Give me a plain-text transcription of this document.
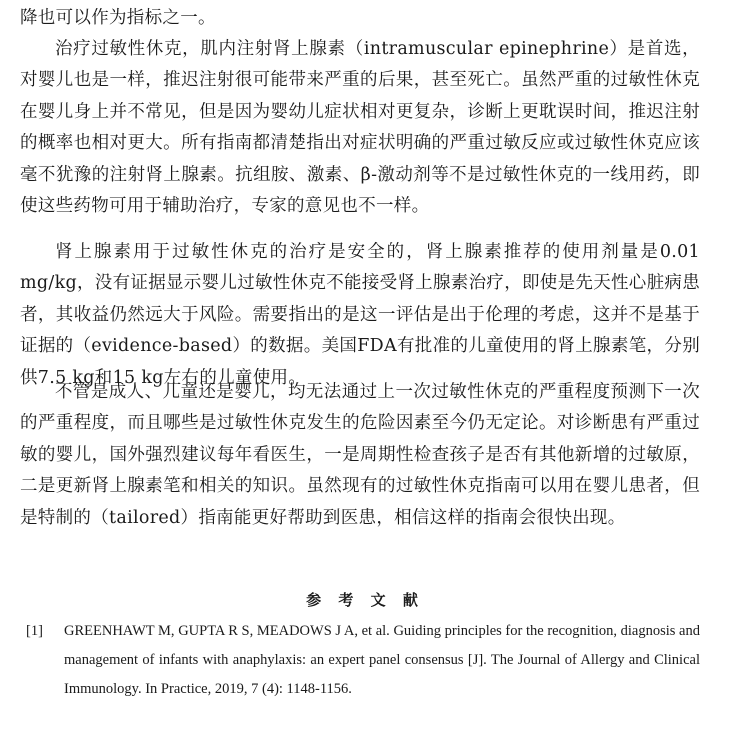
降也可以作为指标之一。

治疗过敏性休克，肌内注射肾上腺素（intramuscular epinephrine）是首选，对婴儿也是一样，推迟注射很可能带来严重的后果，甚至死亡。虽然严重的过敏性休克在婴儿身上并不常见，但是因为婴幼儿症状相对更复杂，诊断上更耽误时间，推迟注射的概率也相对更大。所有指南都清楚指出对症状明确的严重过敏反应或过敏性休克应该毫不犹豫的注射肾上腺素。抗组胺、激素、β-激动剂等不是过敏性休克的一线用药，即使这些药物可用于辅助治疗，专家的意见也不一样。

肾上腺素用于过敏性休克的治疗是安全的，肾上腺素推荐的使用剂量是0.01 mg/kg，没有证据显示婴儿过敏性休克不能接受肾上腺素治疗，即使是先天性心脏病患者，其收益仍然远大于风险。需要指出的是这一评估是出于伦理的考虑，这并不是基于证据的（evidence-based）的数据。美国FDA有批准的儿童使用的肾上腺素笔，分别供7.5 kg和15 kg左右的儿童使用。

不管是成人、儿童还是婴儿，均无法通过上一次过敏性休克的严重程度预测下一次的严重程度，而且哪些是过敏性休克发生的危险因素至今仍无定论。对诊断患有严重过敏的婴儿，国外强烈建议每年看医生，一是周期性检查孩子是否有其他新增的过敏原，二是更新肾上腺素笔和相关的知识。虽然现有的过敏性休克指南可以用在婴儿患者，但是特制的（tailored）指南能更好帮助到医患，相信这样的指南会很快出现。

参 考 文 献
[1]	GREENHAWT M, GUPTA R S, MEADOWS J A, et al. Guiding principles for the recognition, diagnosis and management of infants with anaphylaxis: an expert panel consensus [J]. The Journal of Allergy and Clinical Immunology. In Practice, 2019, 7 (4): 1148-1156.
